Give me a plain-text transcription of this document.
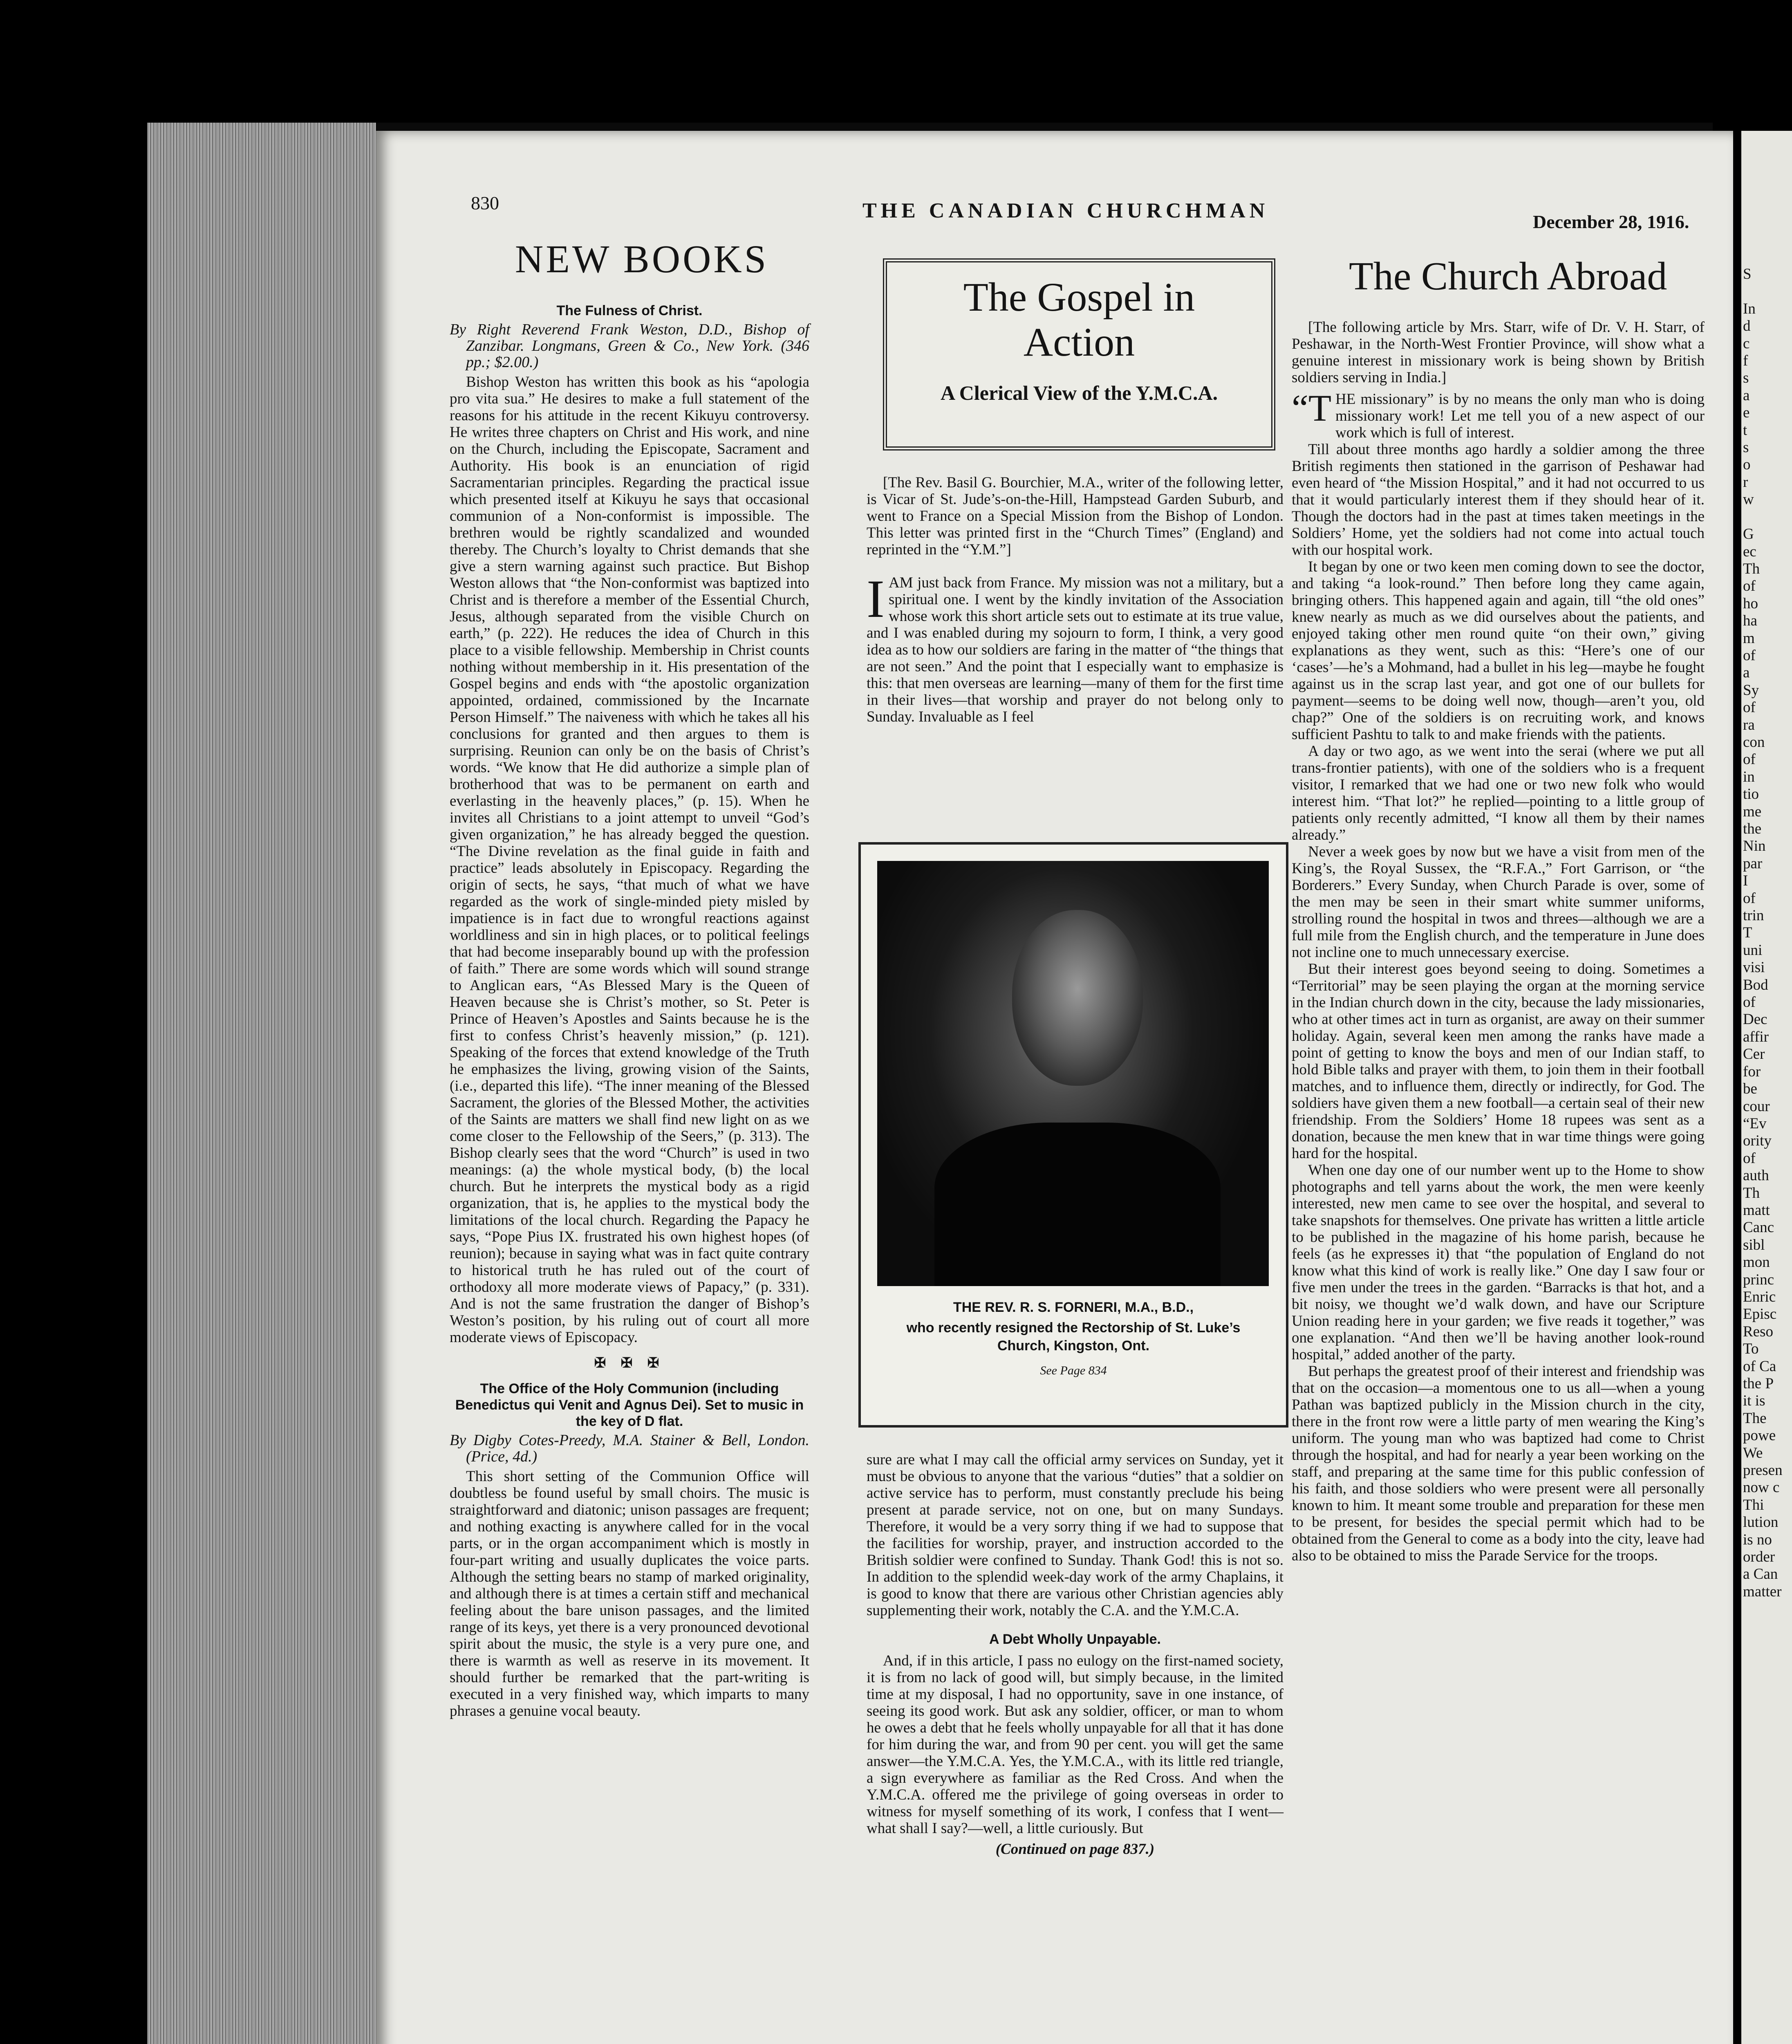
830	THE CANADIAN CHURCHMAN	December 28, 1916.
NEW BOOKS
The Fulness of Christ.
By Right Reverend Frank Weston, D.D., Bishop of Zanzibar. Longmans, Green & Co., New York. (346 pp.; $2.00.)

Bishop Weston has written this book as his “apologia pro vita sua.” He desires to make a full statement of the reasons for his attitude in the recent Kikuyu controversy. He writes three chapters on Christ and His work, and nine on the Church, including the Episcopate, Sacrament and Authority. His book is an enunciation of rigid Sacramentarian principles. Regarding the practical issue which presented itself at Kikuyu he says that occasional communion of a Non-conformist is impossible. The brethren would be rightly scandalized and wounded thereby. The Church’s loyalty to Christ demands that she give a stern warning against such practice. But Bishop Weston allows that “the Non-conformist was baptized into Christ and is therefore a member of the Essential Church, Jesus, although separated from the visible Church on earth,” (p. 222). He reduces the idea of Church in this place to a visible fellowship. Membership in Christ counts nothing without membership in it. His presentation of the Gospel begins and ends with “the apostolic organization appointed, ordained, commissioned by the Incarnate Person Himself.” The naiveness with which he takes all his conclusions for granted and then argues to them is surprising. Reunion can only be on the basis of Christ’s words. “We know that He did authorize a simple plan of brotherhood that was to be permanent on earth and everlasting in the heavenly places,” (p. 15). When he invites all Christians to a joint attempt to unveil “God’s given organization,” he has already begged the question. “The Divine revelation as the final guide in faith and practice” leads absolutely in Episcopacy. Regarding the origin of sects, he says, “that much of what we have regarded as the work of single-minded piety misled by impatience is in fact due to wrongful reactions against worldliness and sin in high places, or to political feelings that had become inseparably bound up with the profession of faith.” There are some words which will sound strange to Anglican ears, “As Blessed Mary is the Queen of Heaven because she is Christ’s mother, so St. Peter is Prince of Heaven’s Apostles and Saints because he is the first to confess Christ’s heavenly mission,” (p. 121). Speaking of the forces that extend knowledge of the Truth he emphasizes the living, growing vision of the Saints, (i.e., departed this life). “The inner meaning of the Blessed Sacrament, the glories of the Blessed Mother, the activities of the Saints are matters we shall find new light on as we come closer to the Fellowship of the Seers,” (p. 313). The Bishop clearly sees that the word “Church” is used in two meanings: (a) the whole mystical body, (b) the local church. But he interprets the mystical body as a rigid organization, that is, he applies to the mystical body the limitations of the local church. Regarding the Papacy he says, “Pope Pius IX. frustrated his own highest hopes (of reunion); because in saying what was in fact quite contrary to historical truth he has ruled out of the court of orthodoxy all more moderate views of Papacy,” (p. 331). And is not the same frustration the danger of Bishop’s Weston’s position, by his ruling out of court all more moderate views of Episcopacy.

✠ ✠ ✠
The Office of the Holy Communion (including Benedictus qui Venit and Agnus Dei). Set to music in the key of D flat.
By Digby Cotes-Preedy, M.A. Stainer & Bell, London. (Price, 4d.)

This short setting of the Communion Office will doubtless be found useful by small choirs. The music is straightforward and diatonic; unison passages are frequent; and nothing exacting is anywhere called for in the vocal parts, or in the organ accompaniment which is mostly in four-part writing and usually duplicates the voice parts. Although the setting bears no stamp of marked originality, and although there is at times a certain stiff and mechanical feeling about the bare unison passages, and the limited range of its keys, yet there is a very pronounced devotional spirit about the music, the style is a very pure one, and there is warmth as well as reserve in its movement. It should further be remarked that the part-writing is executed in a very finished way, which imparts to many phrases a genuine vocal beauty.

The Gospel in
Action
A Clerical View of the Y.M.C.A.

[The Rev. Basil G. Bourchier, M.A., writer of the following letter, is Vicar of St. Jude’s-on-the-Hill, Hampstead Garden Suburb, and went to France on a Special Mission from the Bishop of London. This letter was printed first in the “Church Times” (England) and reprinted in the “Y.M.”]

I AM just back from France. My mission was not a military, but a spiritual one. I went by the kindly invitation of the Association whose work this short article sets out to estimate at its true value, and I was enabled during my sojourn to form, I think, a very good idea as to how our soldiers are faring in the matter of “the things that are not seen.” And the point that I especially want to emphasize is this: that men overseas are learning—many of them for the first time in their lives—that worship and prayer do not belong only to Sunday. Invaluable as I feel
THE REV. R. S. FORNERI, M.A., B.D.,
who recently resigned the Rectorship of St. Luke’s Church, Kingston, Ont.
See Page 834

sure are what I may call the official army services on Sunday, yet it must be obvious to anyone that the various “duties” that a soldier on active service has to perform, must constantly preclude his being present at parade service, not on one, but on many Sundays. Therefore, it would be a very sorry thing if we had to suppose that the facilities for worship, prayer, and instruction accorded to the British soldier were confined to Sunday. Thank God! this is not so. In addition to the splendid week-day work of the army Chaplains, it is good to know that there are various other Christian agencies ably supplementing their work, notably the C.A. and the Y.M.C.A.

A Debt Wholly Unpayable.

And, if in this article, I pass no eulogy on the first-named society, it is from no lack of good will, but simply because, in the limited time at my disposal, I had no opportunity, save in one instance, of seeing its good work. But ask any soldier, officer, or man to whom he owes a debt that he feels wholly unpayable for all that it has done for him during the war, and from 90 per cent. you will get the same answer—the Y.M.C.A. Yes, the Y.M.C.A., with its little red triangle, a sign everywhere as familiar as the Red Cross. And when the Y.M.C.A. offered me the privilege of going overseas in order to witness for myself something of its work, I confess that I went—what shall I say?—well, a little curiously. But

(Continued on page 837.)
The Church Abroad

[The following article by Mrs. Starr, wife of Dr. V. H. Starr, of Peshawar, in the North-West Frontier Province, will show what a genuine interest in missionary work is being shown by British soldiers serving in India.]

“T HE missionary” is by no means the only man who is doing missionary work! Let me tell you of a new aspect of our work which is full of interest.

Till about three months ago hardly a soldier among the three British regiments then stationed in the garrison of Peshawar had even heard of “the Mission Hospital,” and it had not occurred to us that it would particularly interest them if they should hear of it. Though the doctors had in the past at times taken meetings in the Soldiers’ Home, yet the soldiers had not come into actual touch with our hospital work.

It began by one or two keen men coming down to see the doctor, and taking “a look-round.” Then before long they came again, bringing others. This happened again and again, till “the old ones” knew nearly as much as we did ourselves about the patients, and enjoyed taking other men round quite “on their own,” giving explanations as they went, such as this: “Here’s one of our ‘cases’—he’s a Mohmand, had a bullet in his leg—maybe he fought against us in the scrap last year, and got one of our bullets for payment—seems to be doing well now, though—aren’t you, old chap?” One of the soldiers is on recruiting work, and knows sufficient Pashtu to talk to and make friends with the patients.

A day or two ago, as we went into the serai (where we put all trans-frontier patients), with one of the soldiers who is a frequent visitor, I remarked that we had one or two new folk who would interest him. “That lot?” he replied—pointing to a little group of patients only recently admitted, “I know all them by their names already.”

Never a week goes by now but we have a visit from men of the King’s, the Royal Sussex, the “R.F.A.,” Fort Garrison, or “the Borderers.” Every Sunday, when Church Parade is over, some of the men may be seen in their smart white summer uniforms, strolling round the hospital in twos and threes—although we are a full mile from the English church, and the temperature in June does not incline one to much unnecessary exercise.

But their interest goes beyond seeing to doing. Sometimes a “Territorial” may be seen playing the organ at the morning service in the Indian church down in the city, because the lady missionaries, who at other times act in turn as organist, are away on their summer holiday. Again, several keen men among the ranks have made a point of getting to know the boys and men of our Indian staff, to hold Bible talks and prayer with them, to join them in their football matches, and to influence them, directly or indirectly, for God. The soldiers have given them a new football—a certain seal of their new friendship. From the Soldiers’ Home 18 rupees was sent as a donation, because the men knew that in war time things were going hard for the hospital.

When one day one of our number went up to the Home to show photographs and tell yarns about the work, the men were keenly interested, new men came to see over the hospital, and several to take snapshots for themselves. One private has written a little article to be published in the magazine of his home parish, because he feels (as he expresses it) that “the population of England do not know what this kind of work is really like.” One day I saw four or five men under the trees in the garden. “Barracks is that hot, and a bit noisy, we thought we’d walk down, and have our Scripture Union reading here in your garden; we five reads it together,” was one explanation. “And then we’ll be having another look-round hospital,” added another of the party.

But perhaps the greatest proof of their interest and friendship was that on the occasion—a momentous one to us all—when a young Pathan was baptized publicly in the Mission church in the city, there in the front row were a little party of men wearing the King’s uniform. The young man who was baptized had come to Christ through the hospital, and had for nearly a year been working on the staff, and preparing at the same time for this public confession of his faith, and those soldiers who were present were all personally known to him. It meant some trouble and preparation for these men to be present, for besides the special permit which had to be obtained from the General to come as a body into the city, leave had also to be obtained to miss the Parade Service for the troops.

S

In
d
c
f
s
a
e
t
s
o
r
w

G
ec
Th
of
ho
ha
m
of
a
Sy
of
ra
con
of
in
tio
me
the
Nin
par
I
of
trin
T
uni
visi
Bod
of
Dec
affir
Cer
for
be
cour
“Ev
ority
of
auth
Th
matt
Canc
sibl
mon
princ
Enric
Episc
Reso
To
of Ca
the P
it is
The
powe
We
presen
now c
Thi
lution
is no
order
a Can
matter
